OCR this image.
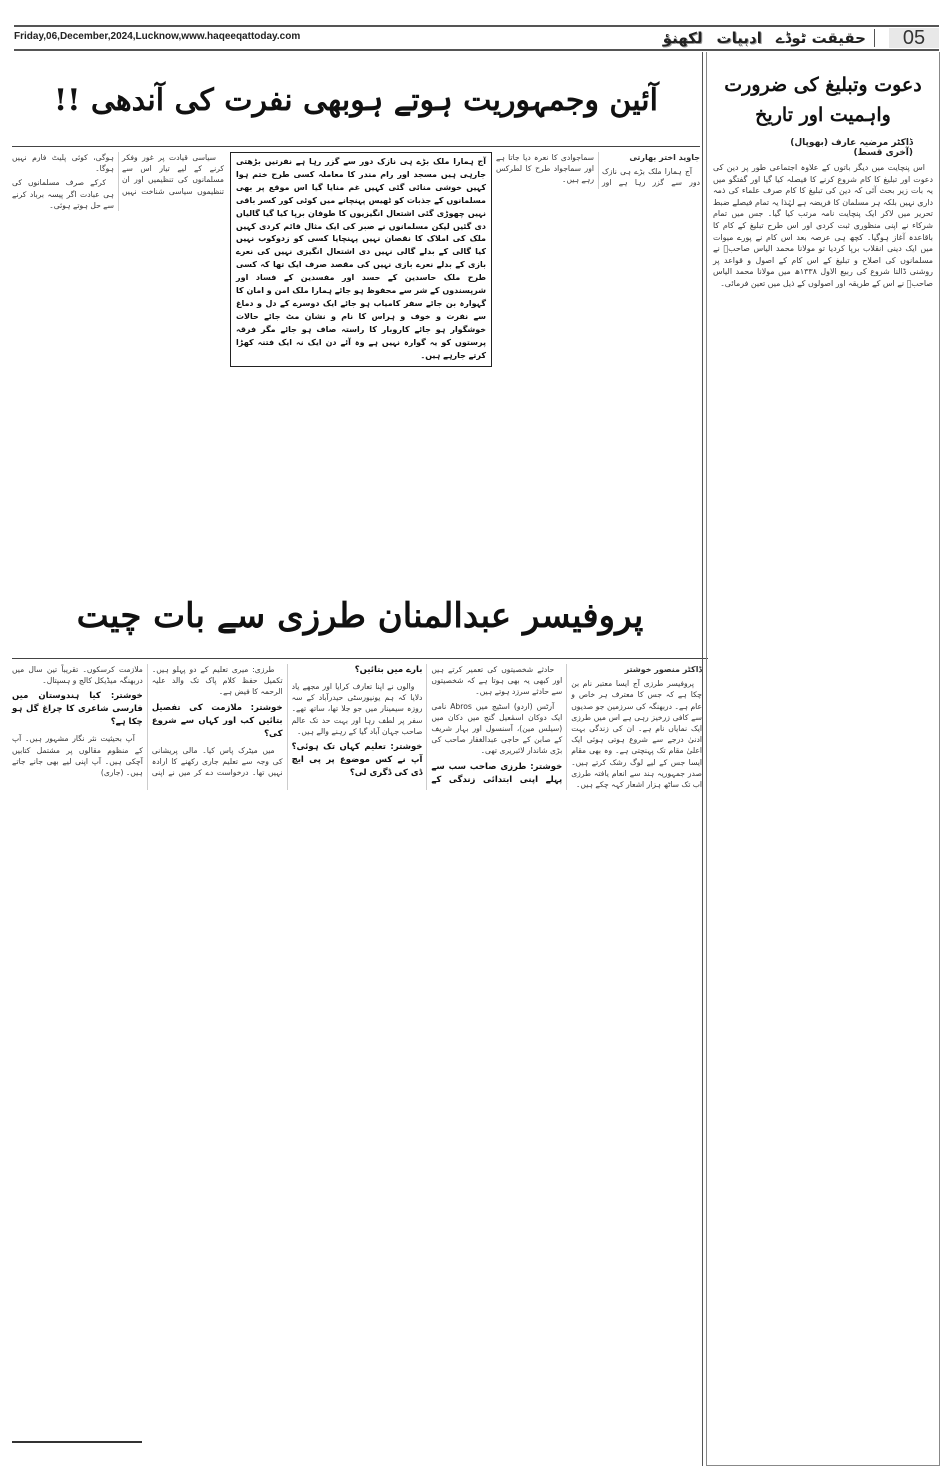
Friday,06,December,2024,Lucknow,www.haqeeqattoday.com	05
حقیقت ٹوڈے
ادبیات
لکھنؤ
آئین وجمہوریت ہوتے ہوبھی نفرت کی آندھی !!
جاوید اختر بھارتی

آج ہمارا ملک بڑے ہی نازک دور سے گزر رہا ہے اور سماجوادی کا نعرہ دیا جاتا ہے اور سماجواد طرح کا لطرکس رہے ہیں۔

آج ہمارا ملک بڑے ہی نازک دور سے گزر رہا ہے نفرتیں بڑھتی جارہی ہیں مسجد اور رام مندر کا معاملہ کسی طرح ختم ہوا کہیں خوشی منائی گئی کہیں غم منایا گیا اس موقع پر بھی مسلمانوں کے جذبات کو ٹھیس پہنچانے میں کوئی کور کسر باقی نہیں چھوڑی گئی اشتعال انگیزیوں کا طوفان برپا کیا گیا گالیاں دی گئیں لیکن مسلمانوں نے صبر کی ایک مثال قائم کردی کہیں ملک کی املاک کا نقصان نہیں پہنچایا کسی کو زدوکوب نہیں کیا گالی کے بدلے گالی نہیں دی اشتعال انگیزی نہیں کی نعرے بازی کے بدلے نعرے بازی نہیں کی مقصد صرف ایک تھا کہ کسی طرح ملک حاسدین کے حسد اور مفسدین کے فساد اور شرپسندوں کے شر سے محفوظ ہو جائے ہمارا ملک امن و امان کا گہوارہ بن جائے سفر کامیاب ہو جائے ایک دوسرے کے دل و دماغ سے نفرت و خوف و ہراس کا نام و نشان مٹ جائے حالات خوشگوار ہو جائے کاروبار کا راستہ صاف ہو جائے مگر فرقہ پرستوں کو یہ گوارہ نہیں ہے وہ آئے دن ایک نہ ایک فتنہ کھڑا کرتے جارہے ہیں۔

سیاسی قیادت پر غور وفکر کرنے کے لیے تیار اس سے مسلمانوں کی تنظیمیں اور ان تنظیموں سیاسی شناخت نہیں ہوگی، کوئی پلیٹ فارم نہیں ہوگا۔

کرکے صرف مسلمانوں کی ہی عبادت اگر پیسہ برباد کرنے سے حل ہوتے ہوئی۔

پروفیسر عبدالمنان طرزی سے بات چیت
ڈاکٹر منصور خوشتر

پروفیسر طرزی آج ایسا معتبر نام بن چکا ہے کہ جس کا معترف ہر خاص و عام ہے۔ دربھنگہ کی سرزمین جو صدیوں سے کافی زرخیز رہی ہے اس میں طرزی ایک نمایاں نام ہے۔ ان کی زندگی بہت ادنیٰ درجے سے شروع ہوتی ہوئی ایک اعلیٰ مقام تک پہنچتی ہے۔ وہ بھی مقام ایسا جس کے لیے لوگ رشک کرتے ہیں۔ صدر جمہوریہ ہند سے انعام یافتہ طرزی اب تک ساٹھ ہزار اشعار کہہ چکے ہیں۔

حادثے شخصیتوں کی تعمیر کرتے ہیں اور کبھی یہ بھی ہوتا ہے کہ شخصیتوں سے حادثے سرزد ہوتے ہیں۔

آرٹس (اردو) اسٹیج میں Abros نامی ایک دوکان اسمٰعیل گنج میں دکان میں (سیلس مین)، آسنسول اور بہار شریف کے صابن کے حاجی عبدالغفار صاحب کی بڑی شاندار لائبریری تھی۔

خوشتر: طرزی صاحب سب سے پہلے اپنی ابتدائی زندگی کے بارے میں بتائیں؟

والوں نے اپنا تعارف کرایا اور مجھے یاد دلایا کہ ہم یونیورسٹی حیدرآباد کے سہ روزہ سیمینار میں جو جلا تھا، ساتھ تھے۔ سفر پر لطف رہا اور بہت حد تک عالم صاحب جہان آباد گیا کے رہنے والے ہیں۔

خوشتر: تعلیم کہاں تک ہوئی؟ آپ نے کس موضوع پر پی ایچ ڈی کی ڈگری لی؟

طرزی: میری تعلیم کے دو پہلو ہیں۔ تکمیل حفظ کلام پاک تک والد علیہ الرحمہ کا فیض ہے۔

خوشتر: ملازمت کی تفصیل بتائیں کب اور کہاں سے شروع کی؟

میں میٹرک پاس کیا۔ مالی پریشانی کی وجہ سے تعلیم جاری رکھنے کا ارادہ نہیں تھا۔ درخواست دے کر میں نے اپنی ملازمت کرسکوں۔ تقریباً تین سال میں دربھنگہ میڈیکل کالج و ہسپتال۔

خوشتر: کیا ہندوستان میں فارسی شاعری کا چراغ گل ہو چکا ہے؟

آپ بحیثیت نثر نگار مشہور ہیں۔ آپ کے منظوم مقالوں پر مشتمل کتابیں آچکی ہیں۔ آپ اپنی لیے بھی جانے جاتے ہیں۔ (جاری)

دعوت وتبلیغ کی ضرورت
واہمیت اور تاریخ
ڈاکٹر مرضیہ عارف (بھوپال)
(آخری قسط)

اس پنچایت میں دیگر باتوں کے علاوہ اجتماعی طور پر دین کی دعوت اور تبلیغ کا کام شروع کرنے کا فیصلہ کیا گیا اور گفتگو میں یہ بات زیر بحث آئی کہ دین کی تبلیغ کا کام صرف علماء کی ذمہ داری نہیں بلکہ ہر مسلمان کا فریضہ ہے لہٰذا یہ تمام فیصلے ضبط تحریر میں لاکر ایک پنچایت نامہ مرتب کیا گیا۔ جس میں تمام شرکاء نے اپنی منظوری ثبت کردی اور اس طرح تبلیغ کے کام کا باقاعدہ آغاز ہوگیا۔ کچھ ہی عرصہ بعد اس کام نے پورے میوات میں ایک دینی انقلاب برپا کردیا تو مولانا محمد الیاس صاحبؒ نے مسلمانوں کی اصلاح و تبلیغ کے اس کام کے اصول و قواعد پر روشنی ڈالنا شروع کی ربیع الاول ۱۳۳۸ھ میں مولانا محمد الیاس صاحبؒ نے اس کے طریقہ اور اصولوں کے ذیل میں تعین فرمائی۔
